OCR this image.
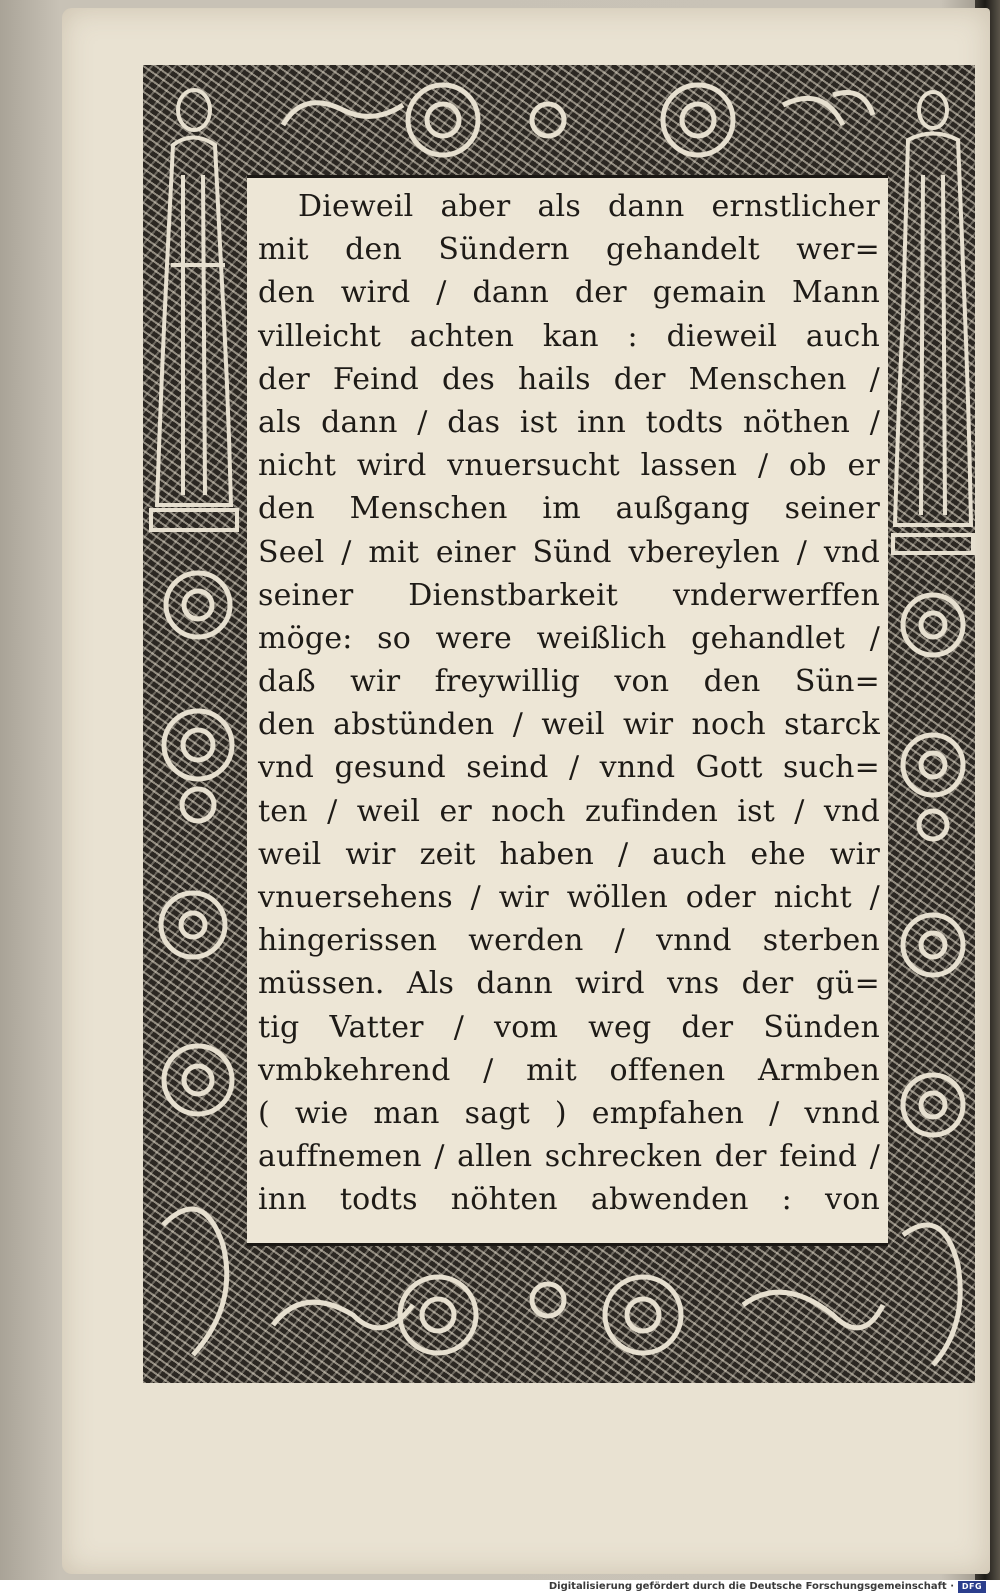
Dieweil aber als dann ernstlicher
mit den Sündern gehandelt wer=
den wird / dann der gemain Mann
villeicht achten kan : dieweil auch
der Feind des hails der Menschen /
als dann / das ist inn todts nöthen /
nicht wird vnuersucht lassen / ob er
den Menschen im außgang seiner
Seel / mit einer Sünd vbereylen / vnd
seiner Dienstbarkeit vnderwerffen
möge: so were weißlich gehandlet /
daß wir freywillig von den Sün=
den abstünden / weil wir noch starck
vnd gesund seind / vnnd Gott such=
ten / weil er noch zufinden ist / vnd
weil wir zeit haben / auch ehe wir
vnuersehens / wir wöllen oder nicht /
hingerissen werden / vnnd sterben
müssen. Als dann wird vns der gü=
tig Vatter / vom weg der Sünden
vmbkehrend / mit offenen Armben
( wie man sagt ) empfahen / vnnd
auffnemen / allen schrecken der feind /
inn todts nöhten abwenden : von
Digitalisierung gefördert durch die Deutsche Forschungsgemeinschaft · DFG
